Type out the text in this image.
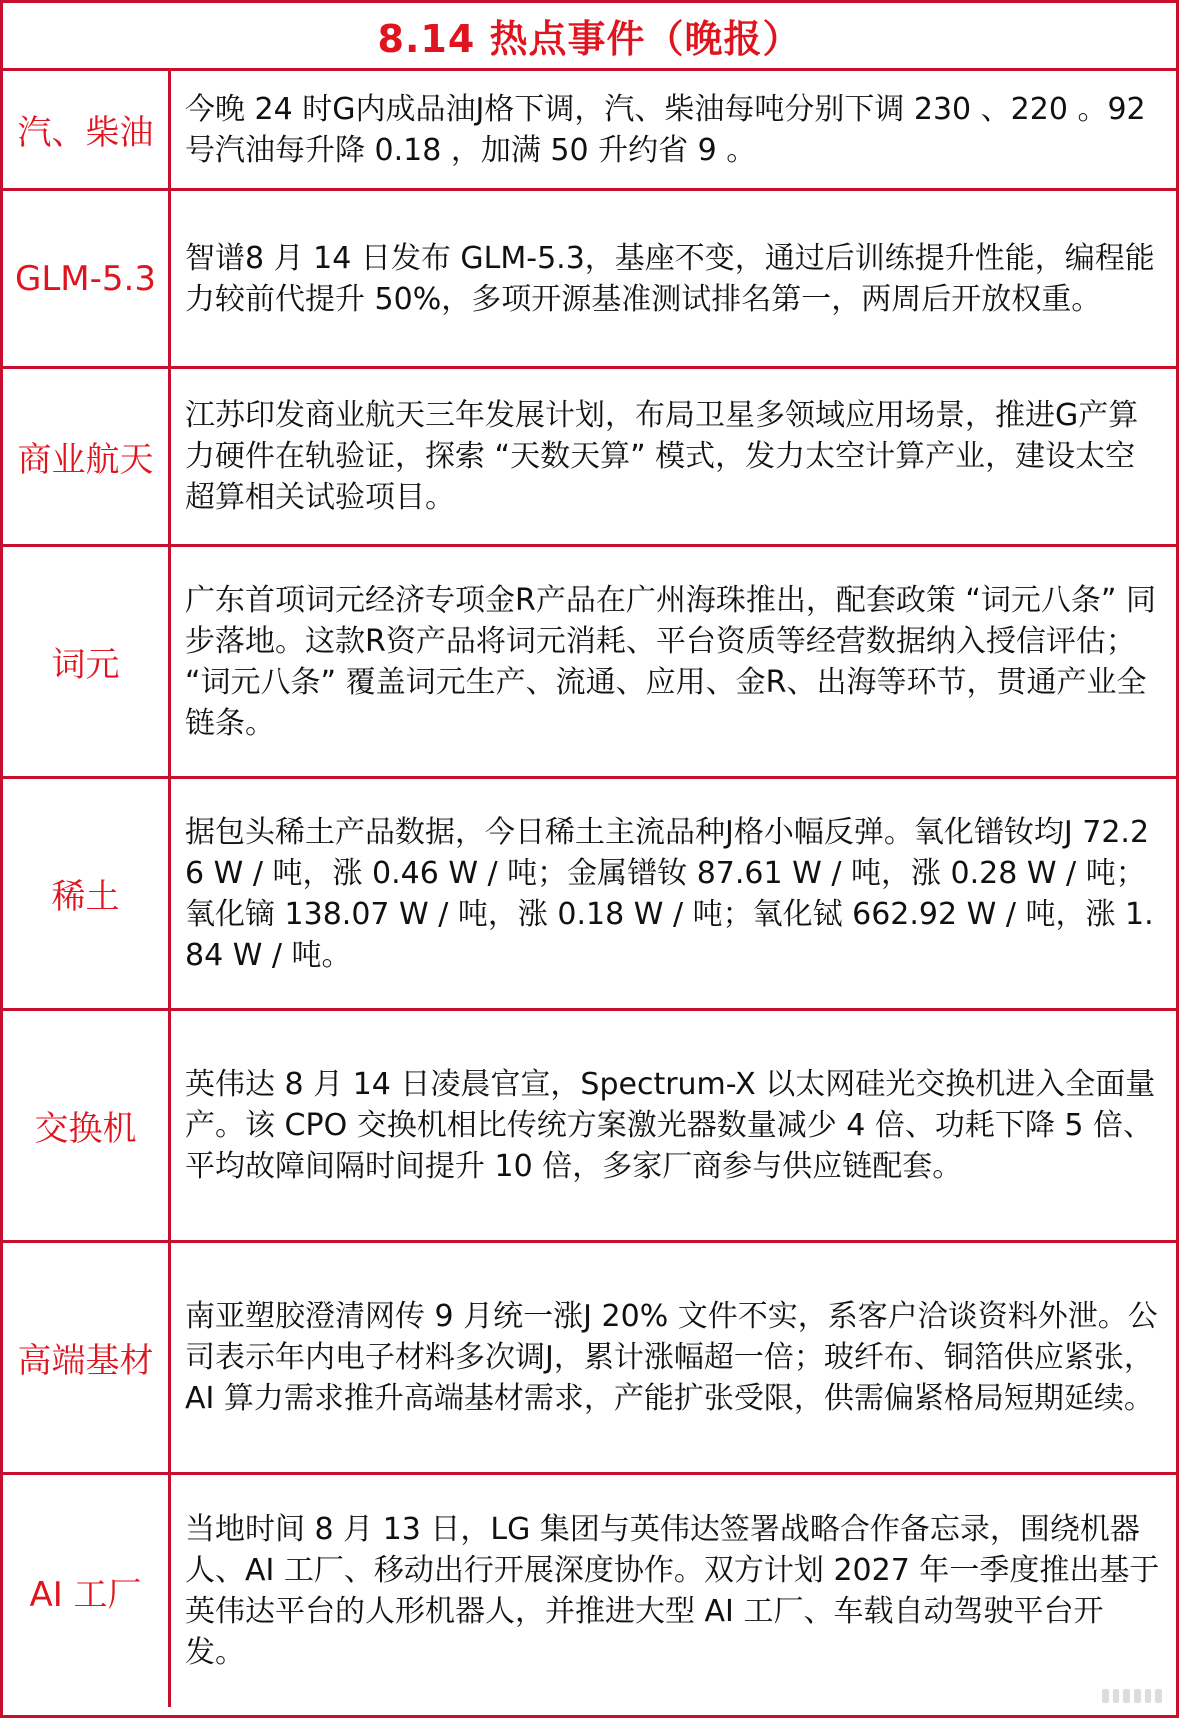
8.14 热点事件（晚报）
汽、柴油
今晚 24 时G内成品油J格下调，汽、柴油每吨分别下调 230 、220 。92 号汽油每升降 0.18 ，加满 50 升约省 9 。
GLM-5.3
智谱8 月 14 日发布 GLM-5.3，基座不变，通过后训练提升性能，编程能力较前代提升 50%，多项开源基准测试排名第一，两周后开放权重。
商业航天
江苏印发商业航天三年发展计划，布局卫星多领域应用场景，推进G产算力硬件在轨验证，探索 “天数天算” 模式，发力太空计算产业，建设太空超算相关试验项目。
词元
广东首项词元经济专项金R产品在广州海珠推出，配套政策 “词元八条” 同步落地。这款R资产品将词元消耗、平台资质等经营数据纳入授信评估； “词元八条” 覆盖词元生产、流通、应用、金R、出海等环节，贯通产业全链条。
稀土
据包头稀土产品数据，今日稀土主流品种J格小幅反弹。氧化镨钕均J 72.26 W / 吨，涨 0.46 W / 吨；金属镨钕 87.61 W / 吨，涨 0.28 W / 吨；氧化镝 138.07 W / 吨，涨 0.18 W / 吨；氧化铽 662.92 W / 吨，涨 1.84 W / 吨。
交换机
英伟达 8 月 14 日凌晨官宣，Spectrum-X 以太网硅光交换机进入全面量产。该 CPO 交换机相比传统方案激光器数量减少 4 倍、功耗下降 5 倍、平均故障间隔时间提升 10 倍，多家厂商参与供应链配套。
高端基材
南亚塑胶澄清网传 9 月统一涨J 20% 文件不实，系客户洽谈资料外泄。公司表示年内电子材料多次调J，累计涨幅超一倍；玻纤布、铜箔供应紧张，AI 算力需求推升高端基材需求，产能扩张受限，供需偏紧格局短期延续。
AI 工厂
当地时间 8 月 13 日，LG 集团与英伟达签署战略合作备忘录，围绕机器人、AI 工厂、移动出行开展深度协作。双方计划 2027 年一季度推出基于英伟达平台的人形机器人，并推进大型 AI 工厂、车载自动驾驶平台开发。
